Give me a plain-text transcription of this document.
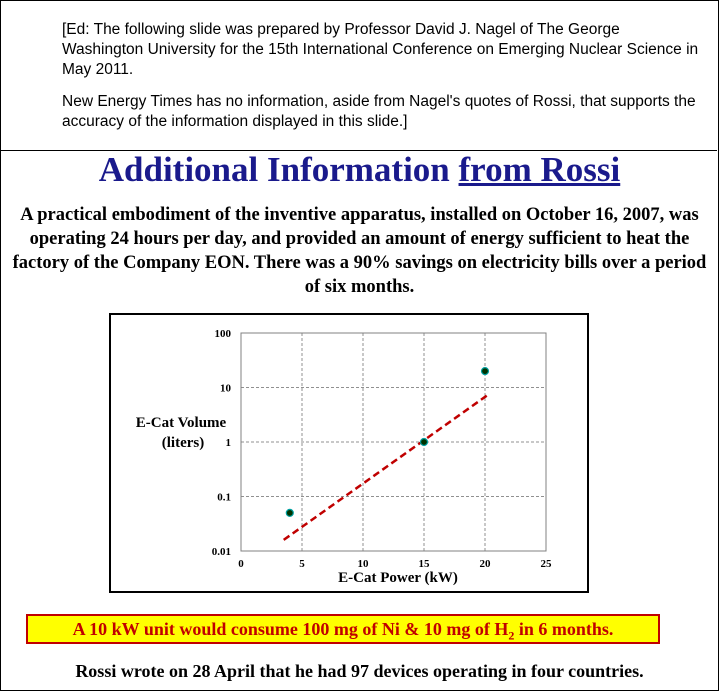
[Ed: The following slide was prepared by Professor David J. Nagel of The George Washington University for the 15th International Conference on Emerging Nuclear Science in May 2011.
New Energy Times has no information, aside from Nagel's quotes of Rossi, that supports the accuracy of the information displayed in this slide.]
Additional Information from Rossi
A practical embodiment of the inventive apparatus, installed on October 16, 2007, was operating 24 hours per day, and provided an amount of energy sufficient to heat the factory of the Company EON. There was a 90% savings on electricity bills over a period of six months.
0	5	10	15	20	25
100
10
1
0.1
0.01
E-Cat Power (kW)
E-Cat Volume
(liters)
A 10 kW unit would consume 100 mg of Ni & 10 mg of $H_2$ in 6 months.
Rossi wrote on 28 April that he had 97 devices operating in four countries.
